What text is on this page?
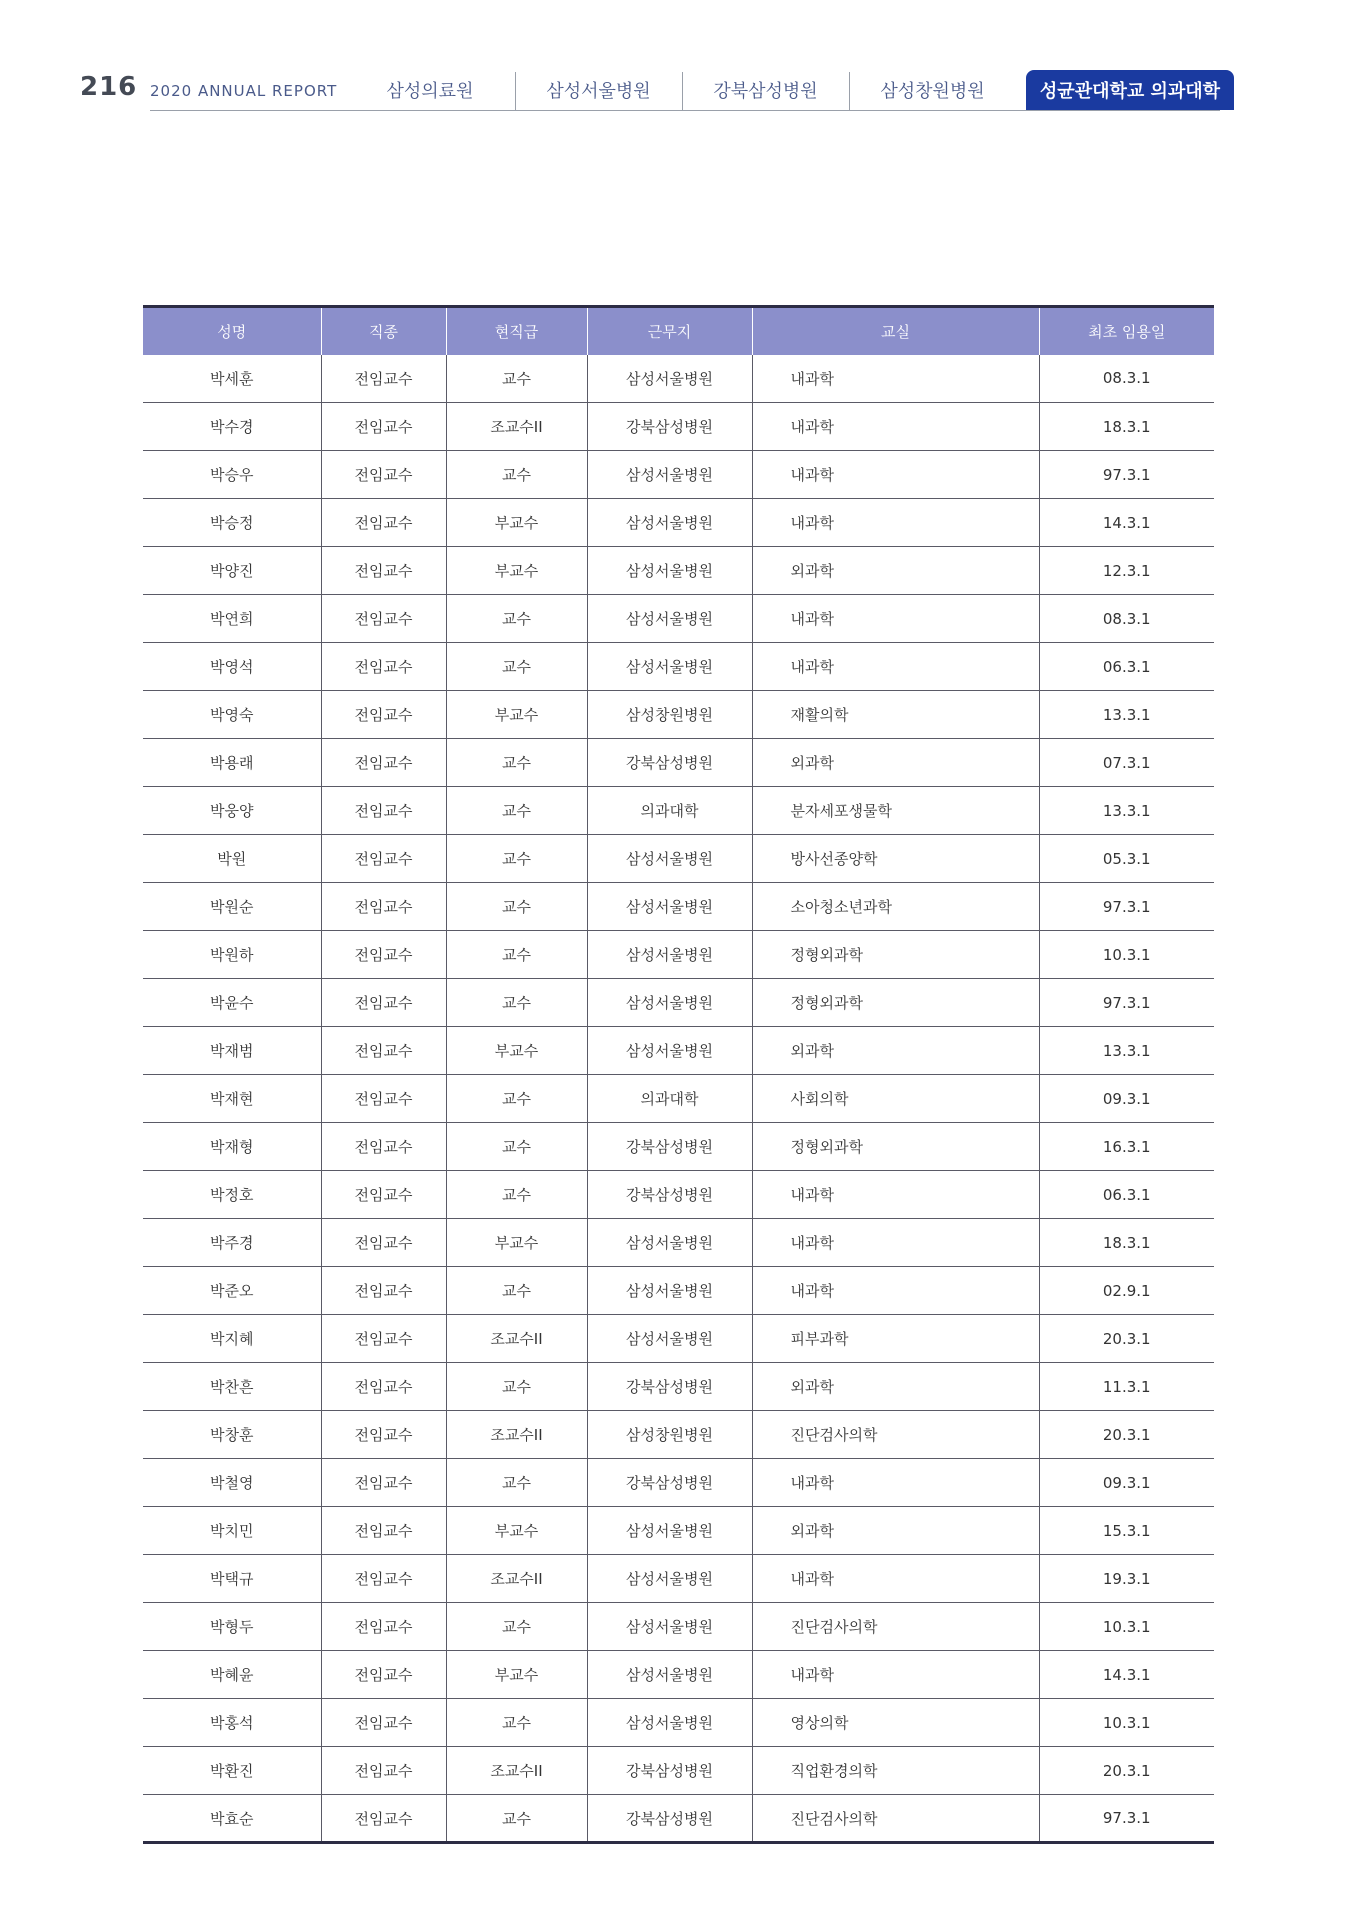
216 2020 ANNUAL REPORT	삼성의료원	삼성서울병원	강북삼성병원	삼성창원병원	성균관대학교 의과대학
성명	직종	현직급	근무지	교실	최초 임용일
박세훈	전임교수	교수	삼성서울병원	내과학	08.3.1
박수경	전임교수	조교수II	강북삼성병원	내과학	18.3.1
박승우	전임교수	교수	삼성서울병원	내과학	97.3.1
박승정	전임교수	부교수	삼성서울병원	내과학	14.3.1
박양진	전임교수	부교수	삼성서울병원	외과학	12.3.1
박연희	전임교수	교수	삼성서울병원	내과학	08.3.1
박영석	전임교수	교수	삼성서울병원	내과학	06.3.1
박영숙	전임교수	부교수	삼성창원병원	재활의학	13.3.1
박용래	전임교수	교수	강북삼성병원	외과학	07.3.1
박웅양	전임교수	교수	의과대학	분자세포생물학	13.3.1
박원	전임교수	교수	삼성서울병원	방사선종양학	05.3.1
박원순	전임교수	교수	삼성서울병원	소아청소년과학	97.3.1
박원하	전임교수	교수	삼성서울병원	정형외과학	10.3.1
박윤수	전임교수	교수	삼성서울병원	정형외과학	97.3.1
박재범	전임교수	부교수	삼성서울병원	외과학	13.3.1
박재현	전임교수	교수	의과대학	사회의학	09.3.1
박재형	전임교수	교수	강북삼성병원	정형외과학	16.3.1
박정호	전임교수	교수	강북삼성병원	내과학	06.3.1
박주경	전임교수	부교수	삼성서울병원	내과학	18.3.1
박준오	전임교수	교수	삼성서울병원	내과학	02.9.1
박지혜	전임교수	조교수II	삼성서울병원	피부과학	20.3.1
박찬흔	전임교수	교수	강북삼성병원	외과학	11.3.1
박창훈	전임교수	조교수II	삼성창원병원	진단검사의학	20.3.1
박철영	전임교수	교수	강북삼성병원	내과학	09.3.1
박치민	전임교수	부교수	삼성서울병원	외과학	15.3.1
박택규	전임교수	조교수II	삼성서울병원	내과학	19.3.1
박형두	전임교수	교수	삼성서울병원	진단검사의학	10.3.1
박혜윤	전임교수	부교수	삼성서울병원	내과학	14.3.1
박홍석	전임교수	교수	삼성서울병원	영상의학	10.3.1
박환진	전임교수	조교수II	강북삼성병원	직업환경의학	20.3.1
박효순	전임교수	교수	강북삼성병원	진단검사의학	97.3.1
